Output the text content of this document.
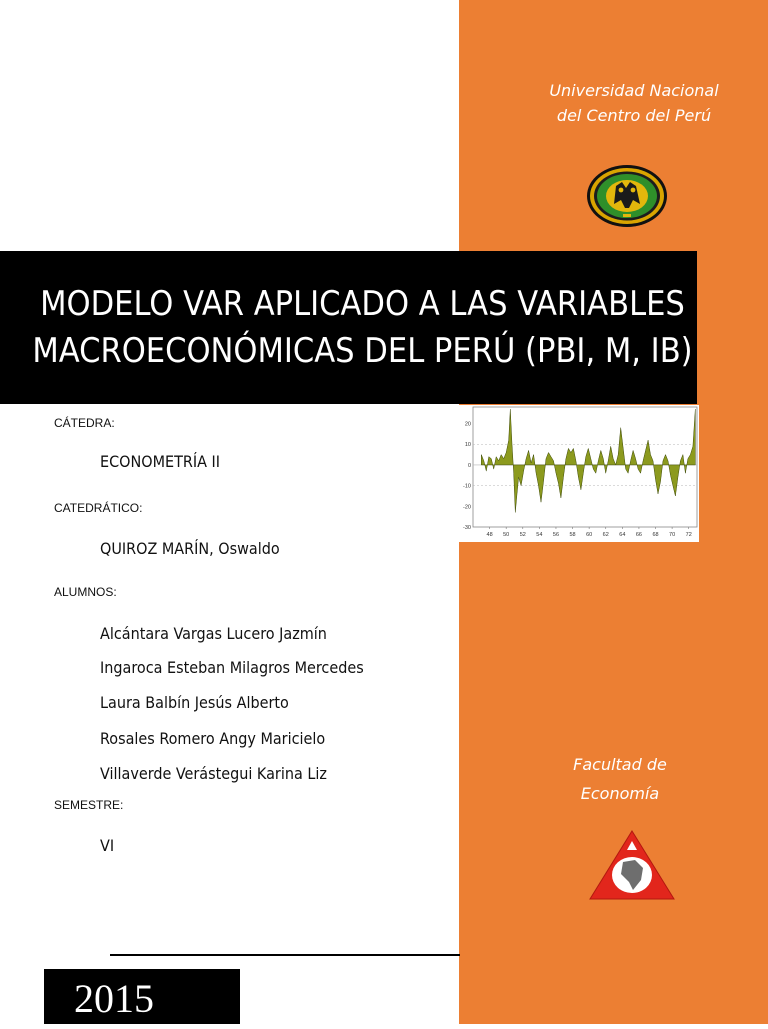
Universidad Nacional
del Centro del Perú
MODELO VAR APLICADO A LAS VARIABLES
MACROECONÓMICAS DEL PERÚ (PBI, M, IB)
20
10
0
-10
-20
-30
48 50 52 54 56 58 60 62 64 66 68 70 72
CÁTEDRA:
ECONOMETRÍA II
CATEDRÁTICO:
QUIROZ MARÍN, Oswaldo
ALUMNOS:
Alcántara Vargas Lucero Jazmín
Ingaroca Esteban Milagros Mercedes
Laura Balbín Jesús Alberto
Rosales Romero Angy Maricielo
Villaverde Verástegui Karina Liz
SEMESTRE:
VI
Facultad de
Economía
2015
